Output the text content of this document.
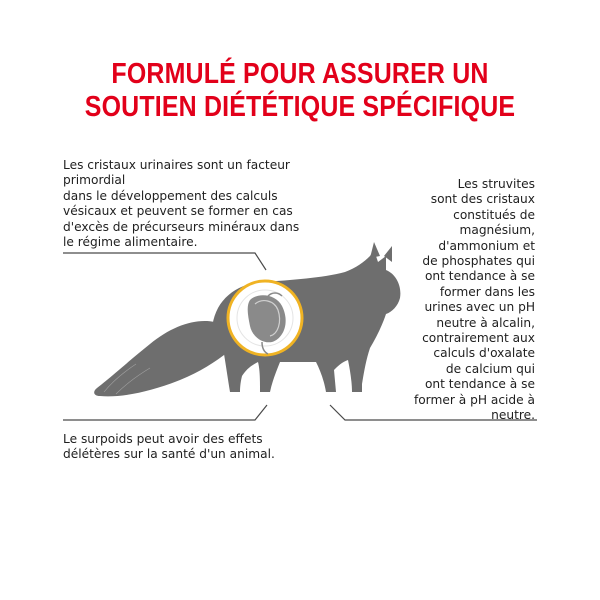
FORMULÉ POUR ASSURER UN
SOUTIEN DIÉTÉTIQUE SPÉCIFIQUE
Les cristaux urinaires sont un facteur
primordial
dans le développement des calculs
vésicaux et peuvent se former en cas
d'excès de précurseurs minéraux dans
le régime alimentaire.
Les struvites
sont des cristaux
constitués de
magnésium,
d'ammonium et
de phosphates qui
ont tendance à se
former dans les
urines avec un pH
neutre à alcalin,
contrairement aux
calculs d'oxalate
de calcium qui
ont tendance à se
former à pH acide à
neutre.
Le surpoids peut avoir des effets
délétères sur la santé d'un animal.
